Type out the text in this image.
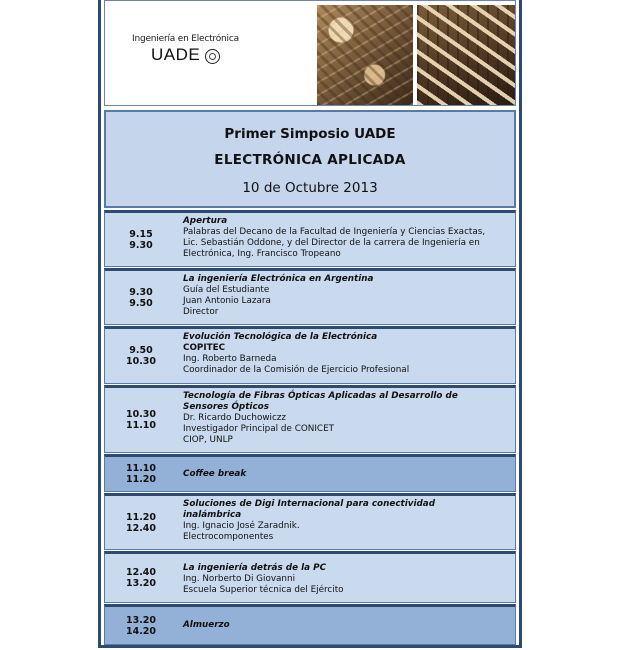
Ingeniería en Electrónica
UADE
Primer Simposio UADE
ELECTRÓNICA APLICADA
10 de Octubre 2013
9.15
9.30
Apertura
Palabras del Decano de la Facultad de Ingeniería y Ciencias Exactas,
Lic. Sebastián Oddone, y del Director de la carrera de Ingeniería en
Electrónica, Ing. Francisco Tropeano
9.30
9.50
La ingeniería Electrónica en Argentina
Guía del Estudiante
Juan Antonio Lazara
Director
9.50
10.30
Evolución Tecnológica de la Electrónica
COPITEC
Ing. Roberto Barneda
Coordinador de la Comisión de Ejercicio Profesional
10.30
11.10
Tecnología de Fibras Ópticas Aplicadas al Desarrollo de
Sensores Ópticos
Dr. Ricardo Duchowiczz
Investigador Principal de CONICET
CIOP, UNLP
11.10
11.20
Coffee break
11.20
12.40
Soluciones de Digi Internacional para conectividad
inalámbrica
Ing. Ignacio José Zaradnik.
Electrocomponentes
12.40
13.20
La ingeniería detrás de la PC
Ing. Norberto Di Giovanni
Escuela Superior técnica del Ejército
13.20
14.20
Almuerzo
